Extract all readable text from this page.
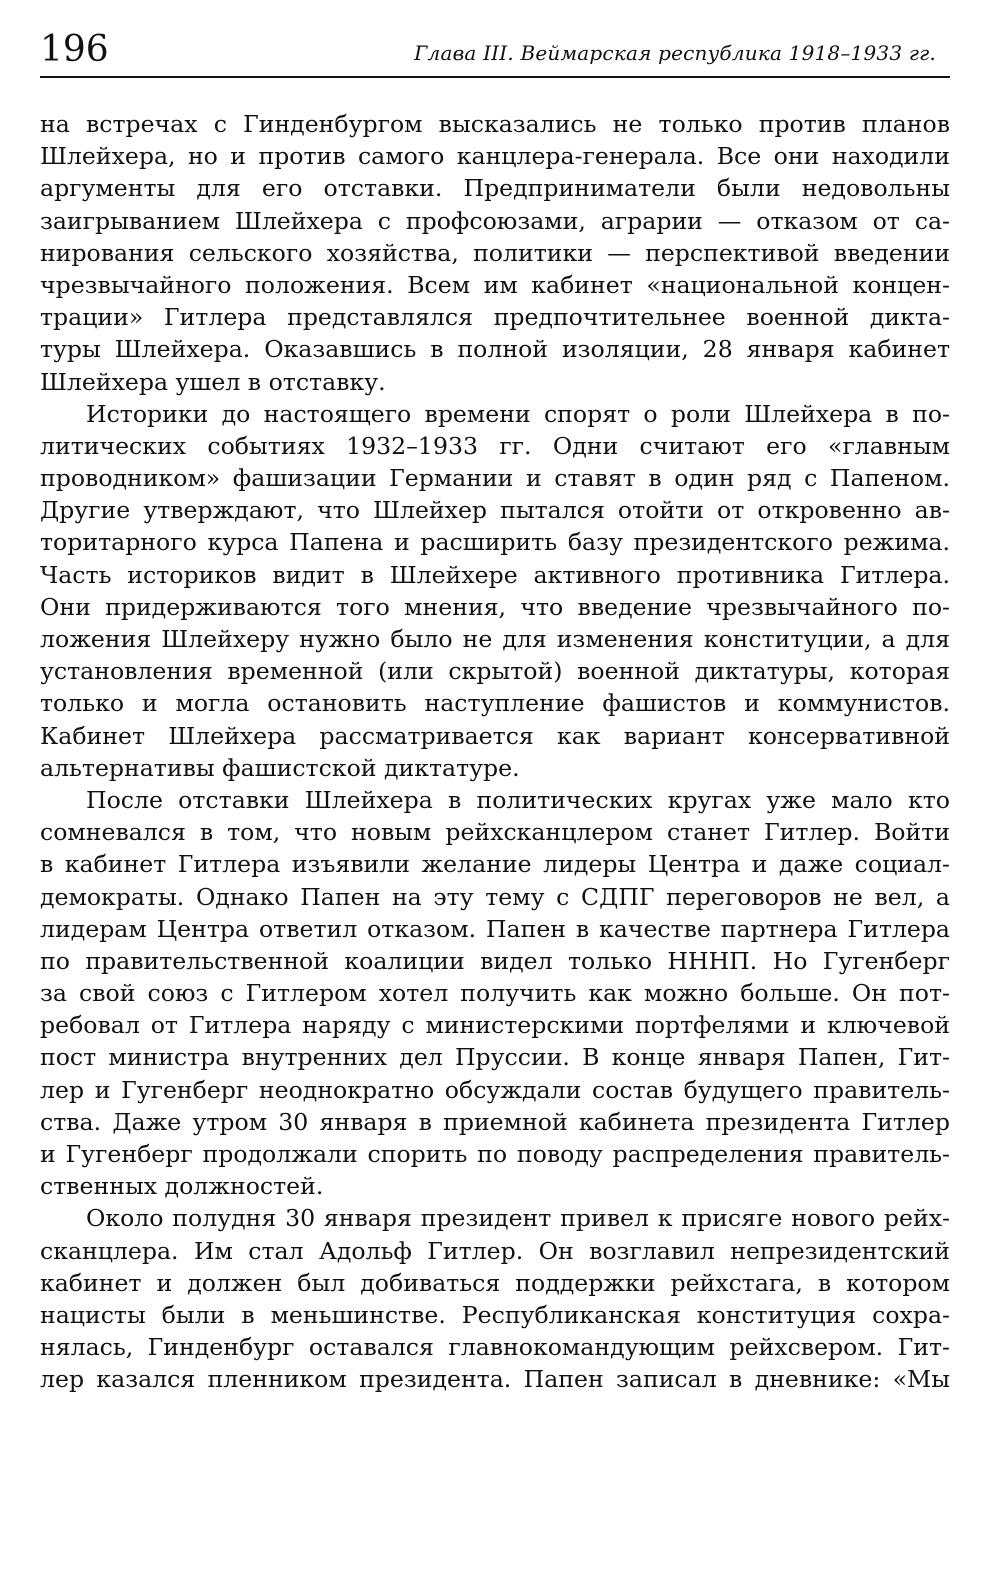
196	Глава III. Веймарская республика 1918–1933 гг.
на встречах с Гинденбургом высказались не только против планов
Шлейхера, но и против самого канцлера-генерала. Все они находили
аргументы для его отставки. Предприниматели были недовольны
заигрыванием Шлейхера с профсоюзами, аграрии — отказом от са-
нирования сельского хозяйства, политики — перспективой введении
чрезвычайного положения. Всем им кабинет «национальной концен-
трации» Гитлера представлялся предпочтительнее военной дикта-
туры Шлейхера. Оказавшись в полной изоляции, 28 января кабинет
Шлейхера ушел в отставку.
Историки до настоящего времени спорят о роли Шлейхера в по-
литических событиях 1932–1933 гг. Одни считают его «главным
проводником» фашизации Германии и ставят в один ряд с Папеном.
Другие утверждают, что Шлейхер пытался отойти от откровенно ав-
торитарного курса Папена и расширить базу президентского режима.
Часть историков видит в Шлейхере активного противника Гитлера.
Они придерживаются того мнения, что введение чрезвычайного по-
ложения Шлейхеру нужно было не для изменения конституции, а для
установления временной (или скрытой) военной диктатуры, которая
только и могла остановить наступление фашистов и коммунистов.
Кабинет Шлейхера рассматривается как вариант консервативной
альтернативы фашистской диктатуре.
После отставки Шлейхера в политических кругах уже мало кто
сомневался в том, что новым рейхсканцлером станет Гитлер. Войти
в кабинет Гитлера изъявили желание лидеры Центра и даже социал-
демократы. Однако Папен на эту тему с СДПГ переговоров не вел, а
лидерам Центра ответил отказом. Папен в качестве партнера Гитлера
по правительственной коалиции видел только НННП. Но Гугенберг
за свой союз с Гитлером хотел получить как можно больше. Он пот-
ребовал от Гитлера наряду с министерскими портфелями и ключевой
пост министра внутренних дел Пруссии. В конце января Папен, Гит-
лер и Гугенберг неоднократно обсуждали состав будущего правитель-
ства. Даже утром 30 января в приемной кабинета президента Гитлер
и Гугенберг продолжали спорить по поводу распределения правитель-
ственных должностей.
Около полудня 30 января президент привел к присяге нового рейх-
сканцлера. Им стал Адольф Гитлер. Он возглавил непрезидентский
кабинет и должен был добиваться поддержки рейхстага, в котором
нацисты были в меньшинстве. Республиканская конституция сохра-
нялась, Гинденбург оставался главнокомандующим рейхсвером. Гит-
лер казался пленником президента. Папен записал в дневнике: «Мы
